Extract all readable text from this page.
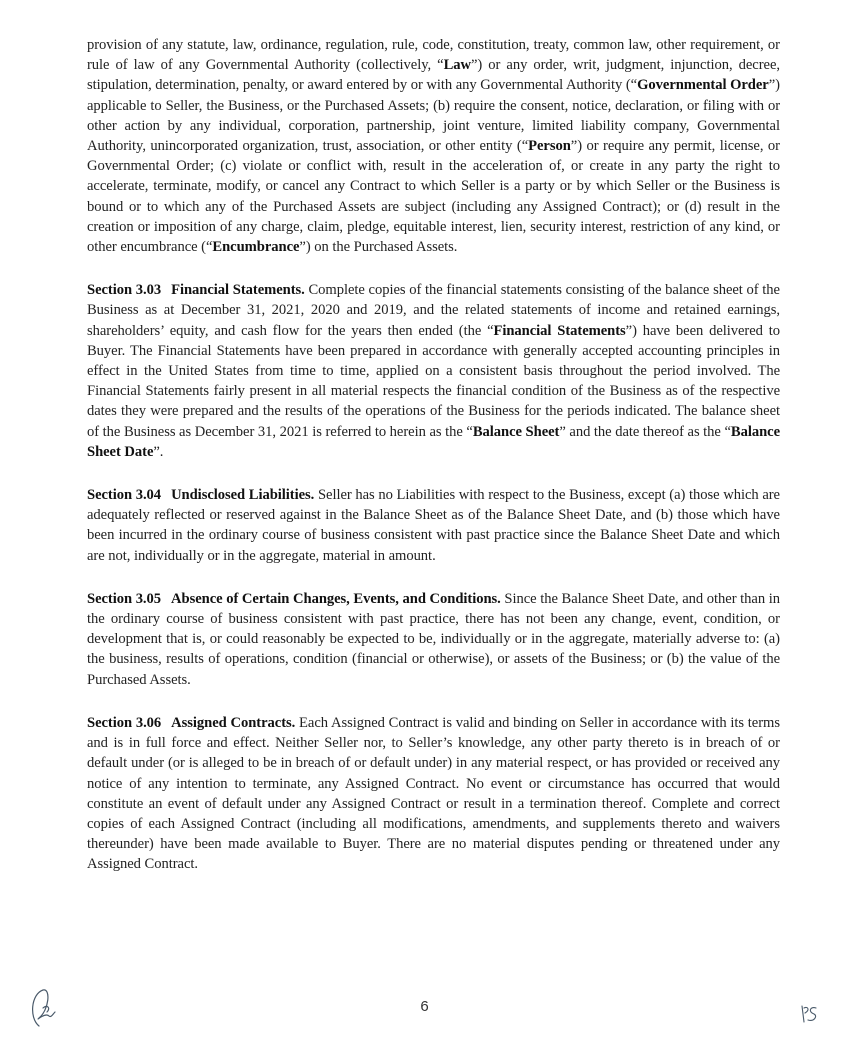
provision of any statute, law, ordinance, regulation, rule, code, constitution, treaty, common law, other requirement, or rule of law of any Governmental Authority (collectively, “Law”) or any order, writ, judgment, injunction, decree, stipulation, determination, penalty, or award entered by or with any Governmental Authority (“Governmental Order”) applicable to Seller, the Business, or the Purchased Assets; (b) require the consent, notice, declaration, or filing with or other action by any individual, corporation, partnership, joint venture, limited liability company, Governmental Authority, unincorporated organization, trust, association, or other entity (“Person”) or require any permit, license, or Governmental Order; (c) violate or conflict with, result in the acceleration of, or create in any party the right to accelerate, terminate, modify, or cancel any Contract to which Seller is a party or by which Seller or the Business is bound or to which any of the Purchased Assets are subject (including any Assigned Contract); or (d) result in the creation or imposition of any charge, claim, pledge, equitable interest, lien, security interest, restriction of any kind, or other encumbrance (“Encumbrance”) on the Purchased Assets.

Section 3.03 Financial Statements. Complete copies of the financial statements consisting of the balance sheet of the Business as at December 31, 2021, 2020 and 2019, and the related statements of income and retained earnings, shareholders’ equity, and cash flow for the years then ended (the “Financial Statements”) have been delivered to Buyer. The Financial Statements have been prepared in accordance with generally accepted accounting principles in effect in the United States from time to time, applied on a consistent basis throughout the period involved. The Financial Statements fairly present in all material respects the financial condition of the Business as of the respective dates they were prepared and the results of the operations of the Business for the periods indicated. The balance sheet of the Business as December 31, 2021 is referred to herein as the “Balance Sheet” and the date thereof as the “Balance Sheet Date”.

Section 3.04 Undisclosed Liabilities. Seller has no Liabilities with respect to the Business, except (a) those which are adequately reflected or reserved against in the Balance Sheet as of the Balance Sheet Date, and (b) those which have been incurred in the ordinary course of business consistent with past practice since the Balance Sheet Date and which are not, individually or in the aggregate, material in amount.

Section 3.05 Absence of Certain Changes, Events, and Conditions. Since the Balance Sheet Date, and other than in the ordinary course of business consistent with past practice, there has not been any change, event, condition, or development that is, or could reasonably be expected to be, individually or in the aggregate, materially adverse to: (a) the business, results of operations, condition (financial or otherwise), or assets of the Business; or (b) the value of the Purchased Assets.

Section 3.06 Assigned Contracts. Each Assigned Contract is valid and binding on Seller in accordance with its terms and is in full force and effect. Neither Seller nor, to Seller’s knowledge, any other party thereto is in breach of or default under (or is alleged to be in breach of or default under) in any material respect, or has provided or received any notice of any intention to terminate, any Assigned Contract. No event or circumstance has occurred that would constitute an event of default under any Assigned Contract or result in a termination thereof. Complete and correct copies of each Assigned Contract (including all modifications, amendments, and supplements thereto and waivers thereunder) have been made available to Buyer. There are no material disputes pending or threatened under any Assigned Contract.

6
